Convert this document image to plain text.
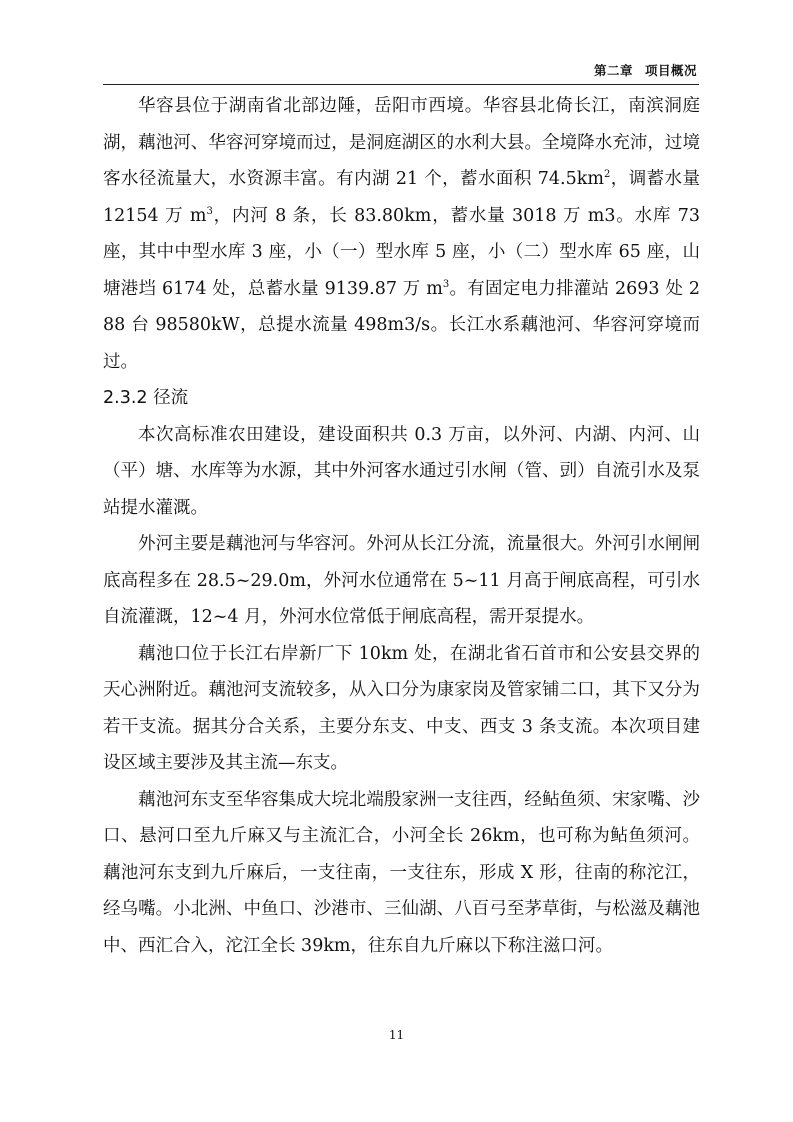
第二章 项目概况

华容县位于湖南省北部边陲，岳阳市西境。华容县北倚长江，南滨洞庭湖，藕池河、华容河穿境而过，是洞庭湖区的水利大县。全境降水充沛，过境客水径流量大，水资源丰富。有内湖 21 个，蓄水面积 $74.5km^2$，调蓄水量 12154 万 $m^3$，内河 8 条，长 83.80km，蓄水量 3018 万 m3。水库 73 座，其中中型水库 3 座，小（一）型水库 5 座，小（二）型水库 65 座，山塘港垱 6174 处，总蓄水量 9139.87 万 $m^3$。有固定电力排灌站 2693 处 288 台 98580kW，总提水流量 498m3/s。长江水系藕池河、华容河穿境而过。

2.3.2 径流

本次高标准农田建设，建设面积共 0.3 万亩，以外河、内湖、内河、山（平）塘、水库等为水源，其中外河客水通过引水闸（管、剅）自流引水及泵站提水灌溉。

外河主要是藕池河与华容河。外河从长江分流，流量很大。外河引水闸闸底高程多在 28.5~29.0m，外河水位通常在 5~11 月高于闸底高程，可引水自流灌溉，12~4 月，外河水位常低于闸底高程，需开泵提水。

藕池口位于长江右岸新厂下 10km 处，在湖北省石首市和公安县交界的天心洲附近。藕池河支流较多，从入口分为康家岗及管家铺二口，其下又分为若干支流。据其分合关系，主要分东支、中支、西支 3 条支流。本次项目建设区域主要涉及其主流—东支。

藕池河东支至华容集成大垸北端殷家洲一支往西，经鲇鱼须、宋家嘴、沙口、悬河口至九斤麻又与主流汇合，小河全长 26km，也可称为鲇鱼须河。藕池河东支到九斤麻后，一支往南，一支往东，形成 X 形，往南的称沱江，经乌嘴。小北洲、中鱼口、沙港市、三仙湖、八百弓至茅草街，与松滋及藕池中、西汇合入，沱江全长 39km，往东自九斤麻以下称注滋口河。

11
